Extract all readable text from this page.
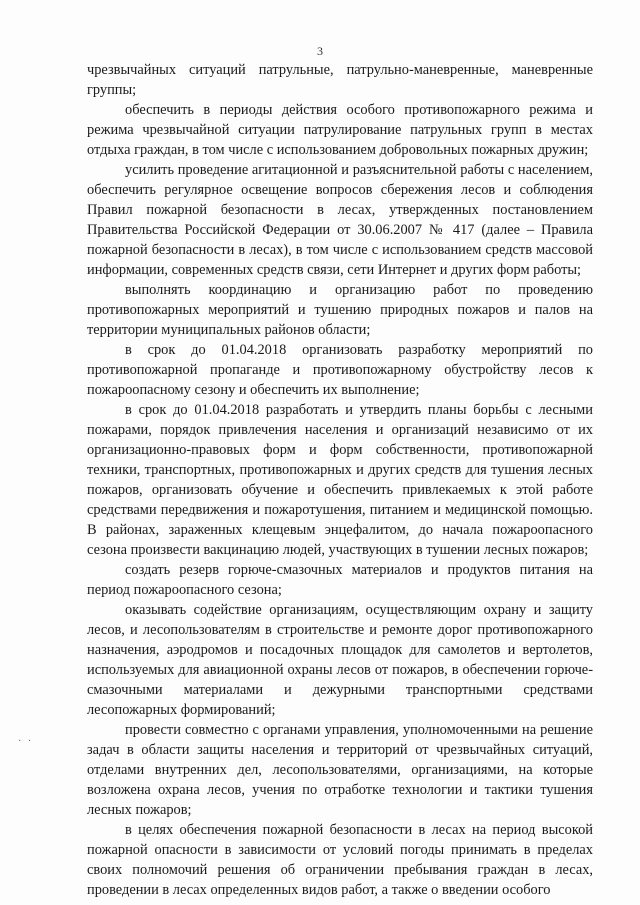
3
· ·

чрезвычайных ситуаций патрульные, патрульно-маневренные, маневренные группы;

обеспечить в периоды действия особого противопожарного режима и режима чрезвычайной ситуации патрулирование патрульных групп в местах отдыха граждан, в том числе с использованием добровольных пожарных дружин;

усилить проведение агитационной и разъяснительной работы с населением, обеспечить регулярное освещение вопросов сбережения лесов и соблюдения Правил пожарной безопасности в лесах, утвержденных постановлением Правительства Российской Федерации от 30.06.2007 № 417 (далее – Правила пожарной безопасности в лесах), в том числе с использованием средств массовой информации, современных средств связи, сети Интернет и других форм работы;

выполнять координацию и организацию работ по проведению противопожарных мероприятий и тушению природных пожаров и палов на территории муниципальных районов области;

в срок до 01.04.2018 организовать разработку мероприятий по противопожарной пропаганде и противопожарному обустройству лесов к пожароопасному сезону и обеспечить их выполнение;

в срок до 01.04.2018 разработать и утвердить планы борьбы с лесными пожарами, порядок привлечения населения и организаций независимо от их организационно-правовых форм и форм собственности, противопожарной техники, транспортных, противопожарных и других средств для тушения лесных пожаров, организовать обучение и обеспечить привлекаемых к этой работе средствами передвижения и пожаротушения, питанием и медицинской помощью. В районах, зараженных клещевым энцефалитом, до начала пожароопасного сезона произвести вакцинацию людей, участвующих в тушении лесных пожаров;

создать резерв горюче-смазочных материалов и продуктов питания на период пожароопасного сезона;

оказывать содействие организациям, осуществляющим охрану и защиту лесов, и лесопользователям в строительстве и ремонте дорог противопожарного назначения, аэродромов и посадочных площадок для самолетов и вертолетов, используемых для авиационной охраны лесов от пожаров, в обеспечении горюче-смазочными материалами и дежурными транспортными средствами лесопожарных формирований;

провести совместно с органами управления, уполномоченными на решение задач в области защиты населения и территорий от чрезвычайных ситуаций, отделами внутренних дел, лесопользователями, организациями, на которые возложена охрана лесов, учения по отработке технологии и тактики тушения лесных пожаров;

в целях обеспечения пожарной безопасности в лесах на период высокой пожарной опасности в зависимости от условий погоды принимать в пределах своих полномочий решения об ограничении пребывания граждан в лесах, проведении в лесах определенных видов работ, а также о введении особого
